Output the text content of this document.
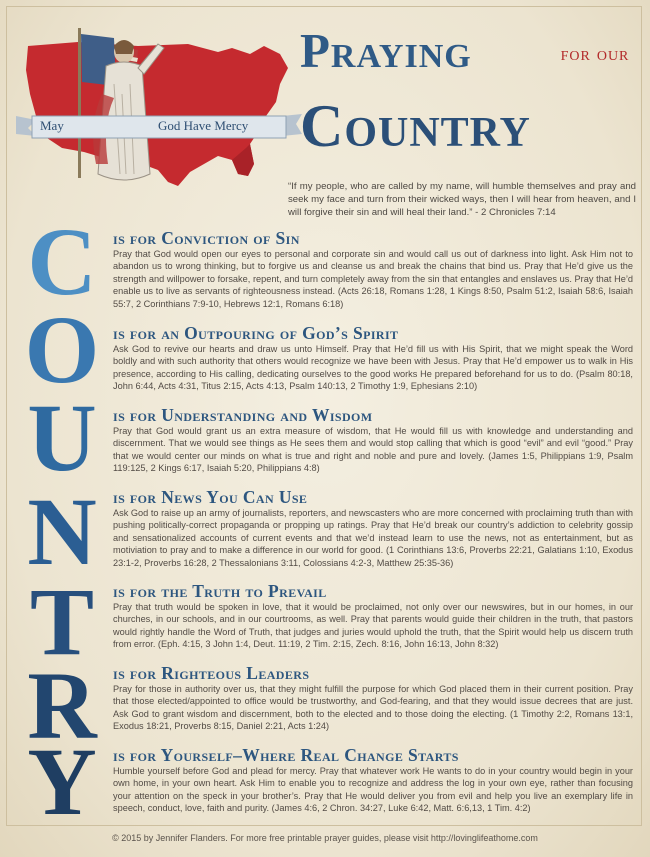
May	God Have Mercy
Praying	for our
Country
“If my people, who are called by my name, will humble themselves and pray and seek my face and turn from their wicked ways, then I will hear from heaven, and I will forgive their sin and will heal their land.” - 2 Chronicles 7:14
C
O
U
N
T
R
Y
is for Conviction of Sin

Pray that God would open our eyes to personal and corporate sin and would call us out of darkness into light. Ask Him not to abandon us to wrong thinking, but to forgive us and cleanse us and break the chains that bind us. Pray that He’d give us the strength and willpower to forsake, repent, and turn completely away from the sin that entangles and enslaves us. Pray that He’d enable us to live as servants of righteousness instead. (Acts 26:18, Romans 1:28, 1 Kings 8:50, Psalm 51:2, Isaiah 58:6, Isaiah 55:7, 2 Corinthians 7:9-10, Hebrews 12:1, Romans 6:18)

is for an Outpouring of God’s Spirit

Ask God to revive our hearts and draw us unto Himself. Pray that He’d fill us with His Spirit, that we might speak the Word boldly and with such authority that others would recognize we have been with Jesus. Pray that He’d empower us to walk in His presence, according to His calling, dedicating ourselves to the good works He prepared beforehand for us to do. (Psalm 80:18, John 6:44, Acts 4:31, Titus 2:15, Acts 4:13, Psalm 140:13, 2 Timothy 1:9, Ephesians 2:10)

is for Understanding and Wisdom

Pray that God would grant us an extra measure of wisdom, that He would fill us with knowledge and understanding and discernment. That we would see things as He sees them and would stop calling that which is good “evil” and evil “good.” Pray that we would center our minds on what is true and right and noble and pure and lovely. (James 1:5, Philippians 1:9, Psalm 119:125, 2 Kings 6:17, Isaiah 5:20, Philippians 4:8)

is for News You Can Use

Ask God to raise up an army of journalists, reporters, and newscasters who are more concerned with proclaiming truth than with pushing politically-correct propaganda or propping up ratings. Pray that He’d break our country’s addiction to celebrity gossip and sensationalized accounts of current events and that we’d instead learn to use the news, not as entertainment, but as motiviation to pray and to make a difference in our world for good. (1 Corinthians 13:6, Proverbs 22:21, Galatians 1:10, Exodus 23:1-2, Proverbs 16:28, 2 Thessalonians 3:11, Colossians 4:2-3, Matthew 25:35-36)

is for the Truth to Prevail

Pray that truth would be spoken in love, that it would be proclaimed, not only over our newswires, but in our homes, in our churches, in our schools, and in our courtrooms, as well. Pray that parents would guide their children in the truth, that pastors would rightly handle the Word of Truth, that judges and juries would uphold the truth, that the Spirit would help us discern truth from error. (Eph. 4:15, 3 John 1:4, Deut. 11:19, 2 Tim. 2:15, Zech. 8:16, John 16:13, John 8:32)

is for Righteous Leaders

Pray for those in authority over us, that they might fulfill the purpose for which God placed them in their current position. Pray that those elected/appointed to office would be trustworthy, and God-fearing, and that they would issue decrees that are just. Ask God to grant wisdom and discernment, both to the elected and to those doing the electing. (1 Timothy 2:2, Romans 13:1, Exodus 18:21, Proverbs 8:15, Daniel 2:21, Acts 1:24)

is for Yourself–Where Real Change Starts

Humble yourself before God and plead for mercy. Pray that whatever work He wants to do in your country would begin in your own home, in your own heart. Ask Him to enable you to recognize and address the log in your own eye, rather than focusing your attention on the speck in your brother’s. Pray that He would deliver you from evil and help you live an exemplary life in speech, conduct, love, faith and purity. (James 4:6, 2 Chron. 34:27, Luke 6:42, Matt. 6:6,13, 1 Tim. 4:2)

© 2015 by Jennifer Flanders. For more free printable prayer guides, please visit http://lovinglifeathome.com
